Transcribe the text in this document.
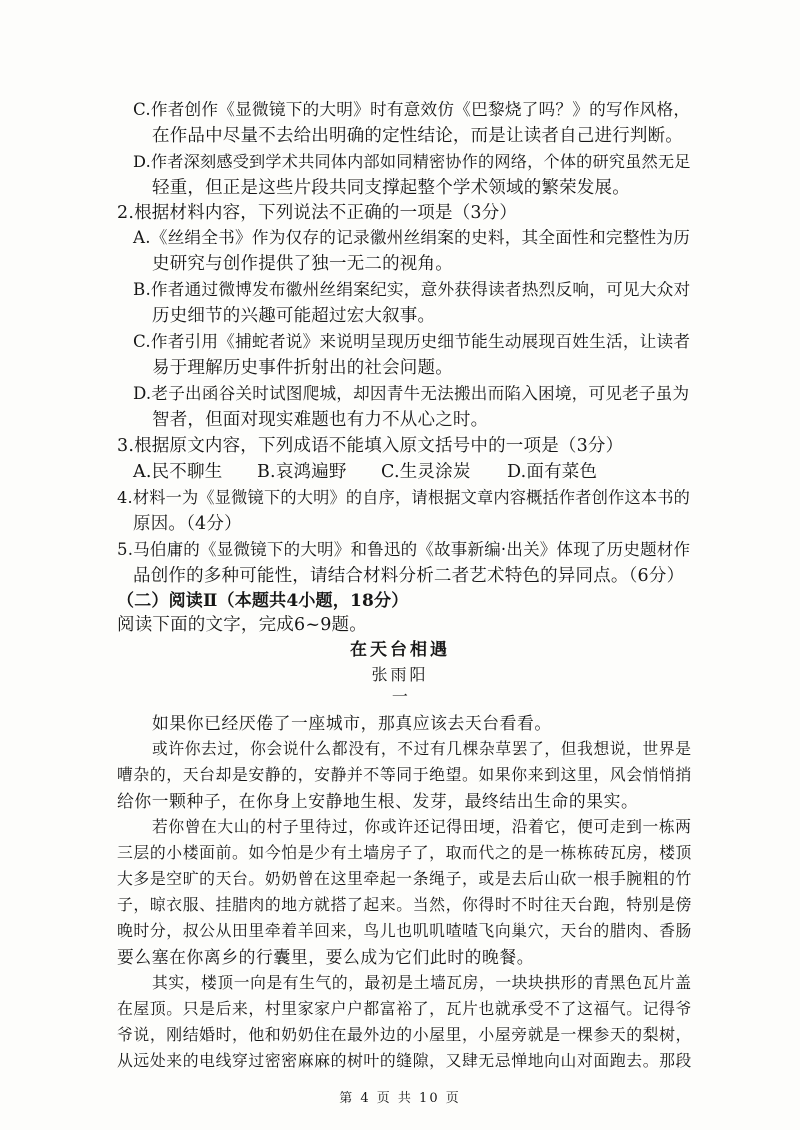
C.作者创作《显微镜下的大明》时有意效仿《巴黎烧了吗？》的写作风格，
在作品中尽量不去给出明确的定性结论，而是让读者自己进行判断。
D.作者深刻感受到学术共同体内部如同精密协作的网络，个体的研究虽然无足
轻重，但正是这些片段共同支撑起整个学术领域的繁荣发展。
2.根据材料内容，下列说法不正确的一项是（3分）
A.《丝绢全书》作为仅存的记录徽州丝绢案的史料，其全面性和完整性为历
史研究与创作提供了独一无二的视角。
B.作者通过微博发布徽州丝绢案纪实，意外获得读者热烈反响，可见大众对
历史细节的兴趣可能超过宏大叙事。
C.作者引用《捕蛇者说》来说明呈现历史细节能生动展现百姓生活，让读者
易于理解历史事件折射出的社会问题。
D.老子出函谷关时试图爬城，却因青牛无法搬出而陷入困境，可见老子虽为
智者，但面对现实难题也有力不从心之时。
3.根据原文内容，下列成语不能填入原文括号中的一项是（3分）
A.民不聊生 B.哀鸿遍野 C.生灵涂炭 D.面有菜色
4.材料一为《显微镜下的大明》的自序，请根据文章内容概括作者创作这本书的
原因。（4分）
5.马伯庸的《显微镜下的大明》和鲁迅的《故事新编·出关》体现了历史题材作
品创作的多种可能性，请结合材料分析二者艺术特色的异同点。（6分）
（二）阅读Ⅱ（本题共4小题，18分）
阅读下面的文字，完成6~9题。
在天台相遇
张雨阳
一
如果你已经厌倦了一座城市，那真应该去天台看看。
或许你去过，你会说什么都没有，不过有几棵杂草罢了，但我想说，世界是
嘈杂的，天台却是安静的，安静并不等同于绝望。如果你来到这里，风会悄悄捎
给你一颗种子，在你身上安静地生根、发芽，最终结出生命的果实。
若你曾在大山的村子里待过，你或许还记得田埂，沿着它，便可走到一栋两
三层的小楼面前。如今怕是少有土墙房子了，取而代之的是一栋栋砖瓦房，楼顶
大多是空旷的天台。奶奶曾在这里牵起一条绳子，或是去后山砍一根手腕粗的竹
子，晾衣服、挂腊肉的地方就搭了起来。当然，你得时不时往天台跑，特别是傍
晚时分，叔公从田里牵着羊回来，鸟儿也叽叽喳喳飞向巢穴，天台的腊肉、香肠
要么塞在你离乡的行囊里，要么成为它们此时的晚餐。
其实，楼顶一向是有生气的，最初是土墙瓦房，一块块拱形的青黑色瓦片盖
在屋顶。只是后来，村里家家户户都富裕了，瓦片也就承受不了这福气。记得爷
爷说，刚结婚时，他和奶奶住在最外边的小屋里，小屋旁就是一棵参天的梨树，
从远处来的电线穿过密密麻麻的树叶的缝隙，又肆无忌惮地向山对面跑去。那段
第 4 页 共 10 页
